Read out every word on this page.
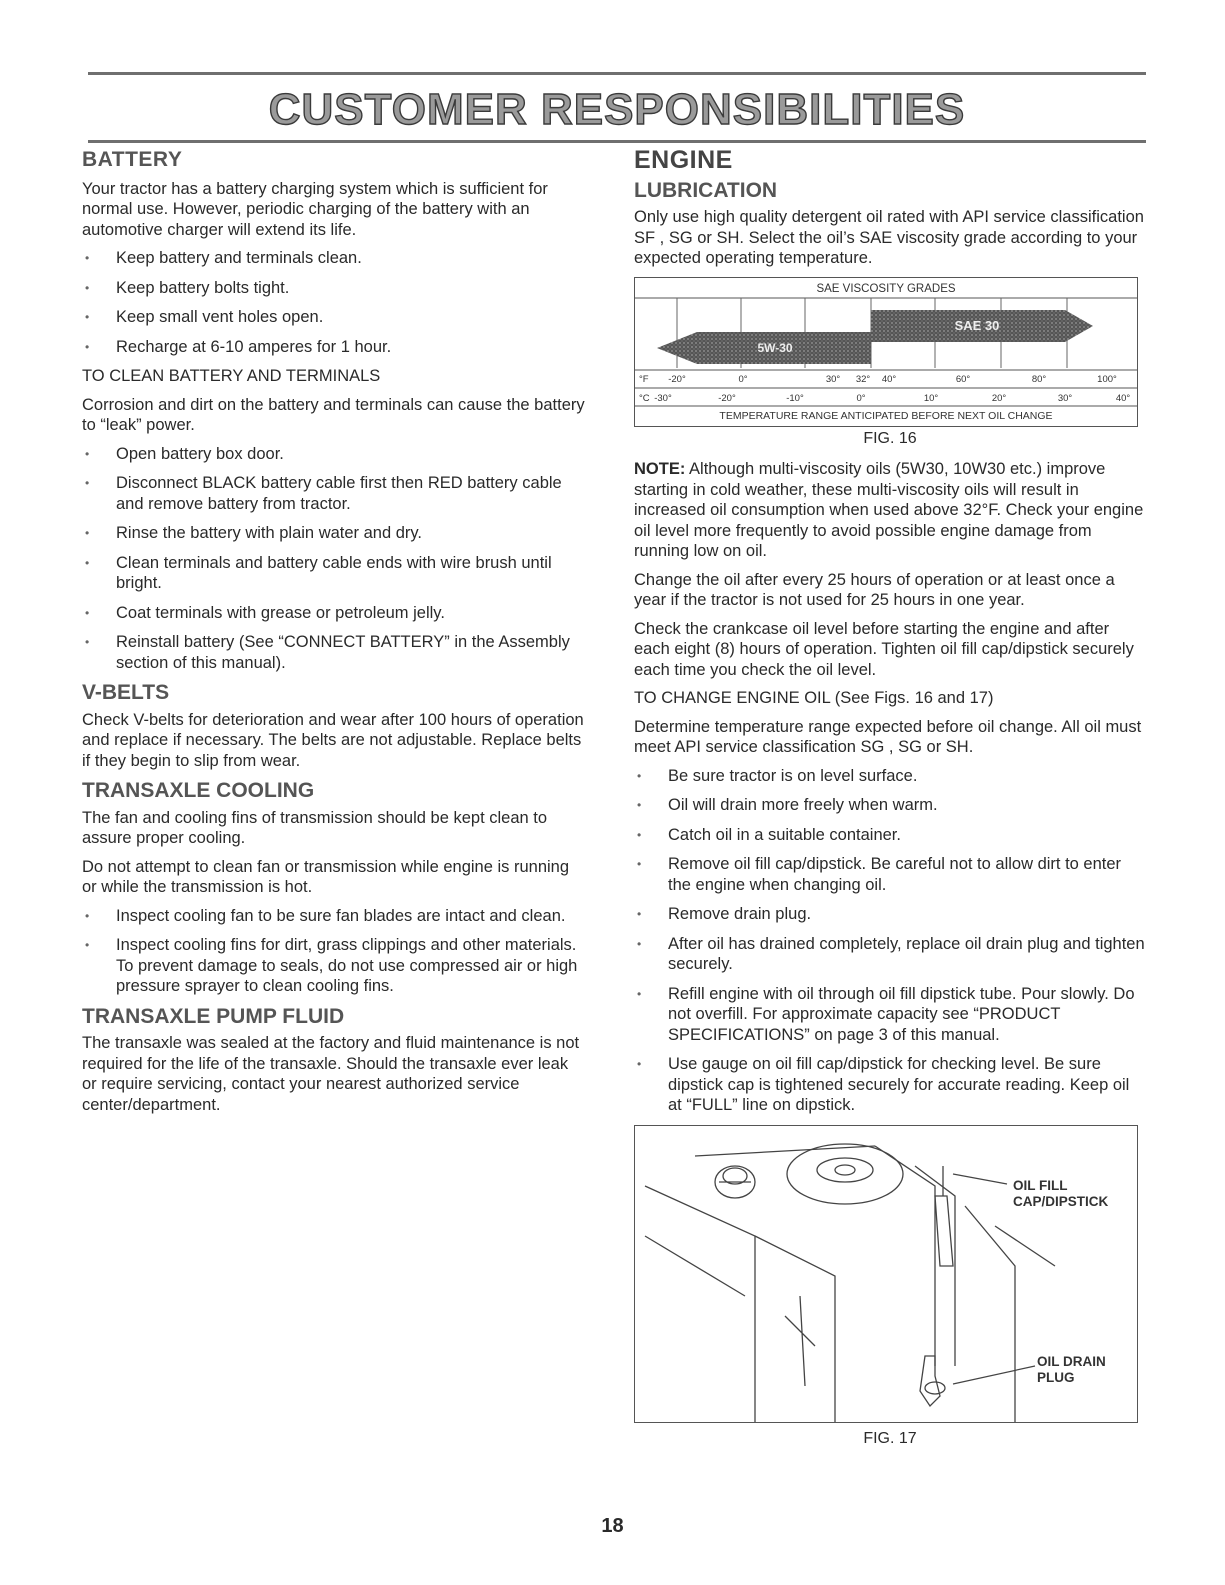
CUSTOMER RESPONSIBILITIES
BATTERY

Your tractor has a battery charging system which is sufficient for normal use. However, periodic charging of the battery with an automotive charger will extend its life.

• Keep battery and terminals clean.
• Keep battery bolts tight.
• Keep small vent holes open.
• Recharge at 6-10 amperes for 1 hour.
TO CLEAN BATTERY AND TERMINALS

Corrosion and dirt on the battery and terminals can cause the battery to “leak” power.

• Open battery box door.
• Disconnect BLACK battery cable first then RED battery cable and remove battery from tractor.
• Rinse the battery with plain water and dry.
• Clean terminals and battery cable ends with wire brush until bright.
• Coat terminals with grease or petroleum jelly.
• Reinstall battery (See “CONNECT BATTERY” in the Assembly section of this manual).
V-BELTS

Check V-belts for deterioration and wear after 100 hours of operation and replace if necessary. The belts are not adjustable. Replace belts if they begin to slip from wear.

TRANSAXLE COOLING

The fan and cooling fins of transmission should be kept clean to assure proper cooling.

Do not attempt to clean fan or transmission while engine is running or while the transmission is hot.

• Inspect cooling fan to be sure fan blades are intact and clean.
• Inspect cooling fins for dirt, grass clippings and other materials. To prevent damage to seals, do not use compressed air or high pressure sprayer to clean cooling fins.
TRANSAXLE PUMP FLUID

The transaxle was sealed at the factory and fluid maintenance is not required for the life of the transaxle. Should the transaxle ever leak or require servicing, contact your nearest authorized service center/department.

ENGINE
LUBRICATION

Only use high quality detergent oil rated with API service classification SF , SG or SH. Select the oil’s SAE viscosity grade according to your expected operating temperature.

SAE VISCOSITY GRADES
5W-30
SAE 30
°F -20°	0°	30° 32° 40°	60°	80°	100°
°C -30°	-20°	-10°	0°	10°	20°	30°	40°
TEMPERATURE RANGE ANTICIPATED BEFORE NEXT OIL CHANGE
FIG. 16

NOTE: Although multi-viscosity oils (5W30, 10W30 etc.) improve starting in cold weather, these multi-viscosity oils will result in increased oil consumption when used above 32°F. Check your engine oil level more frequently to avoid possible engine damage from running low on oil.

Change the oil after every 25 hours of operation or at least once a year if the tractor is not used for 25 hours in one year.

Check the crankcase oil level before starting the engine and after each eight (8) hours of operation. Tighten oil fill cap/dipstick securely each time you check the oil level.

TO CHANGE ENGINE OIL (See Figs. 16 and 17)

Determine temperature range expected before oil change. All oil must meet API service classification SG , SG or SH.

• Be sure tractor is on level surface.
• Oil will drain more freely when warm.
• Catch oil in a suitable container.
• Remove oil fill cap/dipstick. Be careful not to allow dirt to enter the engine when changing oil.
• Remove drain plug.
• After oil has drained completely, replace oil drain plug and tighten securely.
• Refill engine with oil through oil fill dipstick tube. Pour slowly. Do not overfill. For approximate capacity see “PRODUCT SPECIFICATIONS” on page 3 of this manual.
• Use gauge on oil fill cap/dipstick for checking level. Be sure dipstick cap is tightened securely for accurate reading. Keep oil at “FULL” line on dipstick.
OIL FILL
CAP/DIPSTICK
OIL DRAIN
PLUG
FIG. 17
18
